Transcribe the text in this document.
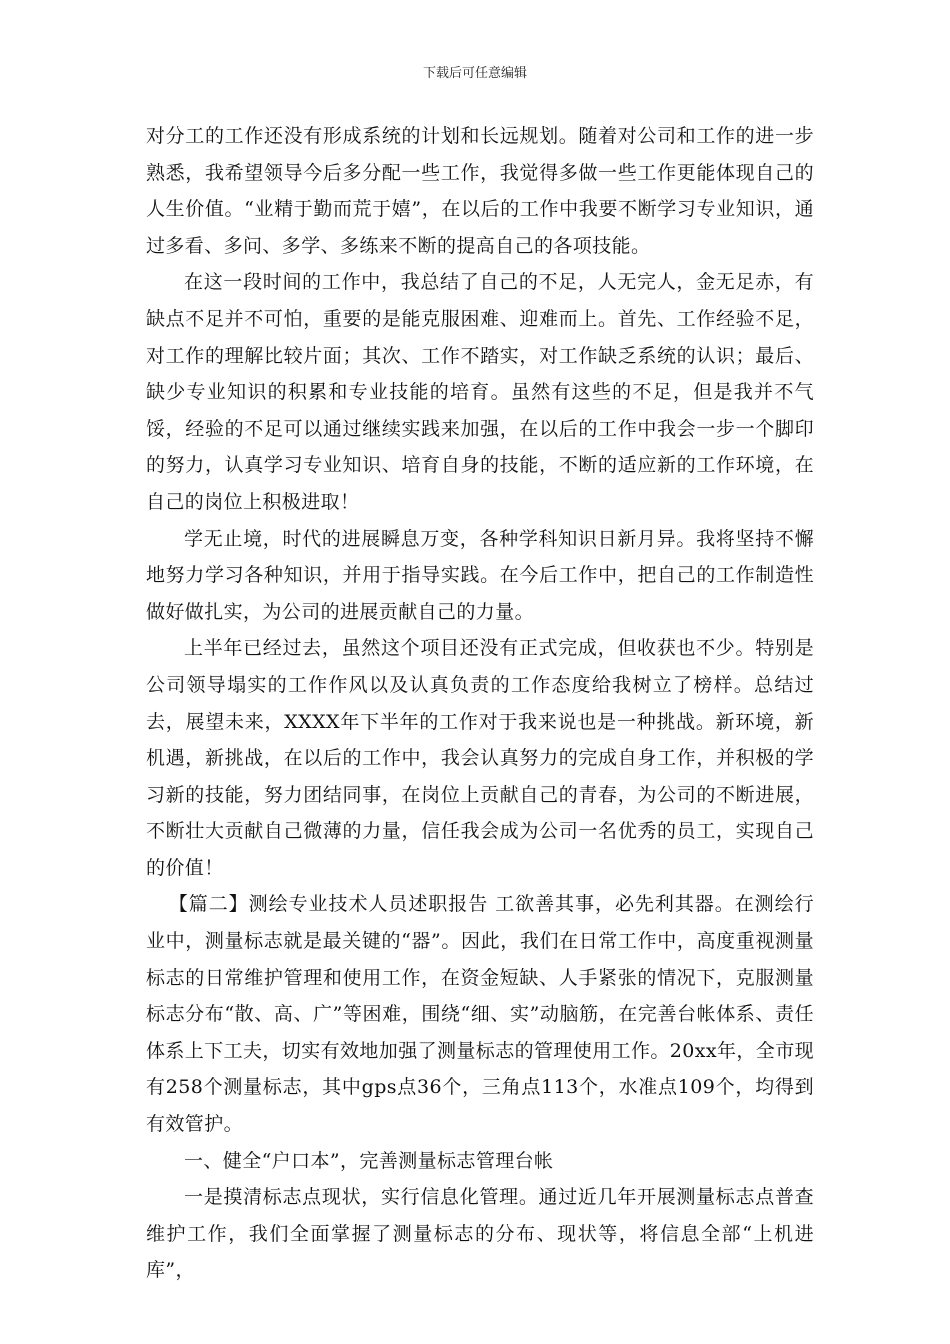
下载后可任意编辑

对分工的工作还没有形成系统的计划和长远规划。随着对公司和工作的进一步熟悉，我希望领导今后多分配一些工作，我觉得多做一些工作更能体现自己的人生价值。“业精于勤而荒于嬉”，在以后的工作中我要不断学习专业知识，通过多看、多问、多学、多练来不断的提高自己的各项技能。

在这一段时间的工作中，我总结了自己的不足，人无完人，金无足赤，有缺点不足并不可怕，重要的是能克服困难、迎难而上。首先、工作经验不足，对工作的理解比较片面；其次、工作不踏实，对工作缺乏系统的认识；最后、缺少专业知识的积累和专业技能的培育。虽然有这些的不足，但是我并不气馁，经验的不足可以通过继续实践来加强，在以后的工作中我会一步一个脚印的努力，认真学习专业知识、培育自身的技能，不断的适应新的工作环境，在自己的岗位上积极进取！

学无止境，时代的进展瞬息万变，各种学科知识日新月异。我将坚持不懈地努力学习各种知识，并用于指导实践。在今后工作中，把自己的工作制造性做好做扎实，为公司的进展贡献自己的力量。

上半年已经过去，虽然这个项目还没有正式完成，但收获也不少。特别是公司领导塌实的工作作风以及认真负责的工作态度给我树立了榜样。总结过去，展望未来，XXXX年下半年的工作对于我来说也是一种挑战。新环境，新机遇，新挑战，在以后的工作中，我会认真努力的完成自身工作，并积极的学习新的技能，努力团结同事，在岗位上贡献自己的青春，为公司的不断进展，不断壮大贡献自己微薄的力量，信任我会成为公司一名优秀的员工，实现自己的价值！

【篇二】测绘专业技术人员述职报告 工欲善其事，必先利其器。在测绘行业中，测量标志就是最关键的“器”。因此，我们在日常工作中，高度重视测量标志的日常维护管理和使用工作，在资金短缺、人手紧张的情况下，克服测量标志分布“散、高、广”等困难，围绕“细、实”动脑筋，在完善台帐体系、责任体系上下工夫，切实有效地加强了测量标志的管理使用工作。20xx年，全市现有258个测量标志，其中gps点36个，三角点113个，水准点109个，均得到有效管护。

一、健全“户口本”，完善测量标志管理台帐

一是摸清标志点现状，实行信息化管理。通过近几年开展测量标志点普查维护工作，我们全面掌握了测量标志的分布、现状等，将信息全部“上机进库”，
